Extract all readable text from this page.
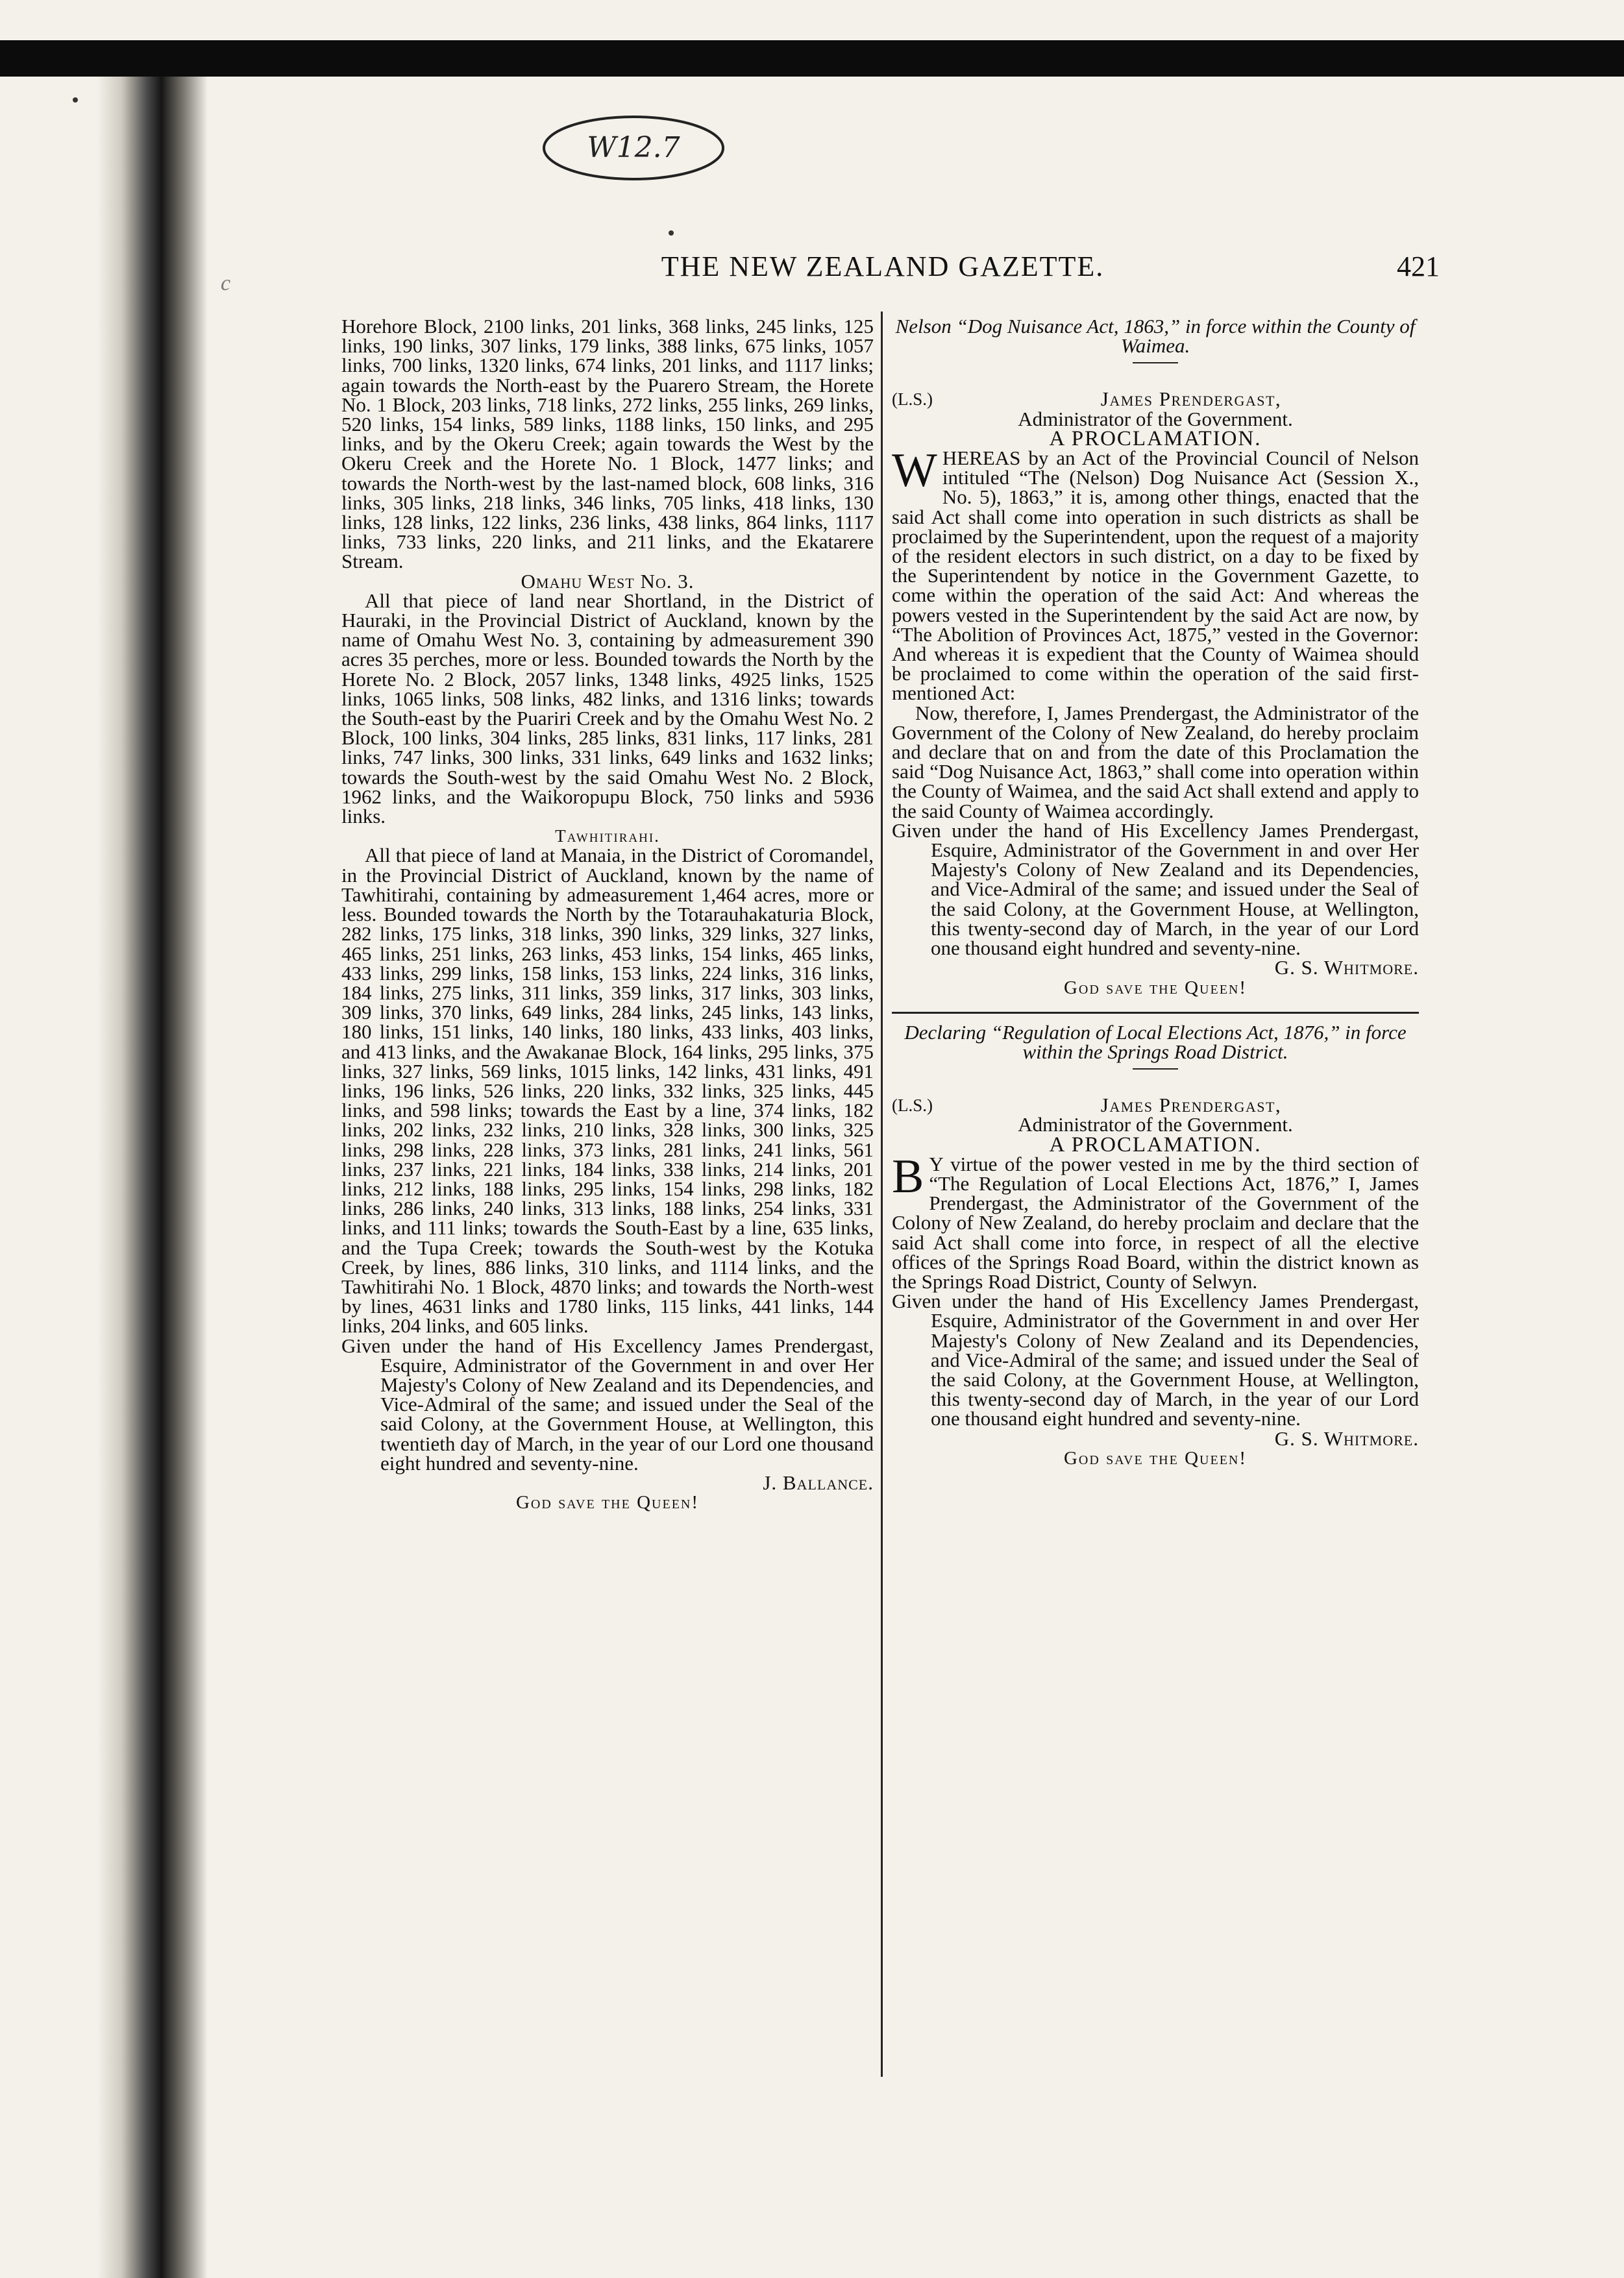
W12.7
c
THE NEW ZEALAND GAZETTE.	421

Horehore Block, 2100 links, 201 links, 368 links, 245 links, 125 links, 190 links, 307 links, 179 links, 388 links, 675 links, 1057 links, 700 links, 1320 links, 674 links, 201 links, and 1117 links; again towards the North-east by the Puarero Stream, the Horete No. 1 Block, 203 links, 718 links, 272 links, 255 links, 269 links, 520 links, 154 links, 589 links, 1188 links, 150 links, and 295 links, and by the Okeru Creek; again towards the West by the Okeru Creek and the Horete No. 1 Block, 1477 links; and towards the North-west by the last-named block, 608 links, 316 links, 305 links, 218 links, 346 links, 705 links, 418 links, 130 links, 128 links, 122 links, 236 links, 438 links, 864 links, 1117 links, 733 links, 220 links, and 211 links, and the Ekatarere Stream.

Omahu West No. 3.

All that piece of land near Shortland, in the District of Hauraki, in the Provincial District of Auckland, known by the name of Omahu West No. 3, containing by admeasurement 390 acres 35 perches, more or less. Bounded towards the North by the Horete No. 2 Block, 2057 links, 1348 links, 4925 links, 1525 links, 1065 links, 508 links, 482 links, and 1316 links; towards the South-east by the Puariri Creek and by the Omahu West No. 2 Block, 100 links, 304 links, 285 links, 831 links, 117 links, 281 links, 747 links, 300 links, 331 links, 649 links and 1632 links; towards the South-west by the said Omahu West No. 2 Block, 1962 links, and the Waikoropupu Block, 750 links and 5936 links.

Tawhitirahi.

All that piece of land at Manaia, in the District of Coromandel, in the Provincial District of Auckland, known by the name of Tawhitirahi, containing by admeasurement 1,464 acres, more or less. Bounded towards the North by the Totarauhakaturia Block, 282 links, 175 links, 318 links, 390 links, 329 links, 327 links, 465 links, 251 links, 263 links, 453 links, 154 links, 465 links, 433 links, 299 links, 158 links, 153 links, 224 links, 316 links, 184 links, 275 links, 311 links, 359 links, 317 links, 303 links, 309 links, 370 links, 649 links, 284 links, 245 links, 143 links, 180 links, 151 links, 140 links, 180 links, 433 links, 403 links, and 413 links, and the Awakanae Block, 164 links, 295 links, 375 links, 327 links, 569 links, 1015 links, 142 links, 431 links, 491 links, 196 links, 526 links, 220 links, 332 links, 325 links, 445 links, and 598 links; towards the East by a line, 374 links, 182 links, 202 links, 232 links, 210 links, 328 links, 300 links, 325 links, 298 links, 228 links, 373 links, 281 links, 241 links, 561 links, 237 links, 221 links, 184 links, 338 links, 214 links, 201 links, 212 links, 188 links, 295 links, 154 links, 298 links, 182 links, 286 links, 240 links, 313 links, 188 links, 254 links, 331 links, and 111 links; towards the South-East by a line, 635 links, and the Tupa Creek; towards the South-west by the Kotuka Creek, by lines, 886 links, 310 links, and 1114 links, and the Tawhitirahi No. 1 Block, 4870 links; and towards the North-west by lines, 4631 links and 1780 links, 115 links, 441 links, 144 links, 204 links, and 605 links.

Given under the hand of His Excellency James Prendergast, Esquire, Administrator of the Government in and over Her Majesty's Colony of New Zealand and its Dependencies, and Vice-Admiral of the same; and issued under the Seal of the said Colony, at the Government House, at Wellington, this twentieth day of March, in the year of our Lord one thousand eight hundred and seventy-nine.

J. Ballance.

God save the Queen!

Nelson “Dog Nuisance Act, 1863,” in force within the County of Waimea.

(L.S.)	James Prendergast,

Administrator of the Government.

A PROCLAMATION.

WHEREAS by an Act of the Provincial Council of Nelson intituled “The (Nelson) Dog Nuisance Act (Session X., No. 5), 1863,” it is, among other things, enacted that the said Act shall come into operation in such districts as shall be proclaimed by the Superintendent, upon the request of a majority of the resident electors in such district, on a day to be fixed by the Superintendent by notice in the Government Gazette, to come within the operation of the said Act: And whereas the powers vested in the Superintendent by the said Act are now, by “The Abolition of Provinces Act, 1875,” vested in the Governor: And whereas it is expedient that the County of Waimea should be proclaimed to come within the operation of the said first-mentioned Act:

Now, therefore, I, James Prendergast, the Administrator of the Government of the Colony of New Zealand, do hereby proclaim and declare that on and from the date of this Proclamation the said “Dog Nuisance Act, 1863,” shall come into operation within the County of Waimea, and the said Act shall extend and apply to the said County of Waimea accordingly.

Given under the hand of His Excellency James Prendergast, Esquire, Administrator of the Government in and over Her Majesty's Colony of New Zealand and its Dependencies, and Vice-Admiral of the same; and issued under the Seal of the said Colony, at the Government House, at Wellington, this twenty-second day of March, in the year of our Lord one thousand eight hundred and seventy-nine.

G. S. Whitmore.

God save the Queen!

Declaring “Regulation of Local Elections Act, 1876,” in force within the Springs Road District.

(L.S.)	James Prendergast,

Administrator of the Government.

A PROCLAMATION.

B Y virtue of the power vested in me by the third section of “The Regulation of Local Elections Act, 1876,” I, James Prendergast, the Administrator of the Government of the Colony of New Zealand, do hereby proclaim and declare that the said Act shall come into force, in respect of all the elective offices of the Springs Road Board, within the district known as the Springs Road District, County of Selwyn.

Given under the hand of His Excellency James Prendergast, Esquire, Administrator of the Government in and over Her Majesty's Colony of New Zealand and its Dependencies, and Vice-Admiral of the same; and issued under the Seal of the said Colony, at the Government House, at Wellington, this twenty-second day of March, in the year of our Lord one thousand eight hundred and seventy-nine.

G. S. Whitmore.

God save the Queen!
